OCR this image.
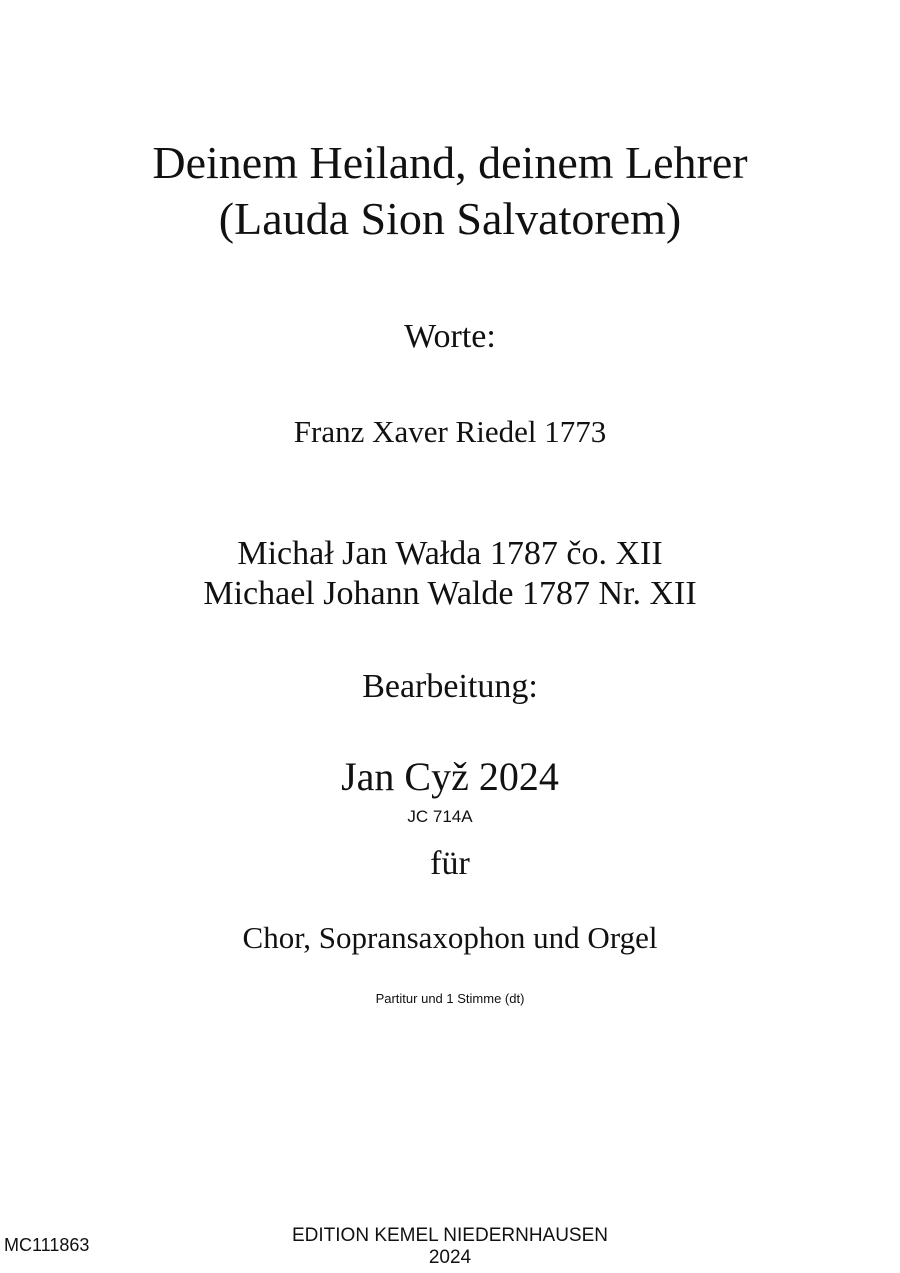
Deinem Heiland, deinem Lehrer
(Lauda Sion Salvatorem)
Worte:
Franz Xaver Riedel 1773
Michał Jan Wałda 1787 čo. XII
Michael Johann Walde 1787 Nr. XII
Bearbeitung:
Jan Cyž 2024
JC 714A
für
Chor, Sopransaxophon und Orgel
Partitur und 1 Stimme (dt)
MC111863	EDITION KEMEL NIEDERNHAUSEN
2024
